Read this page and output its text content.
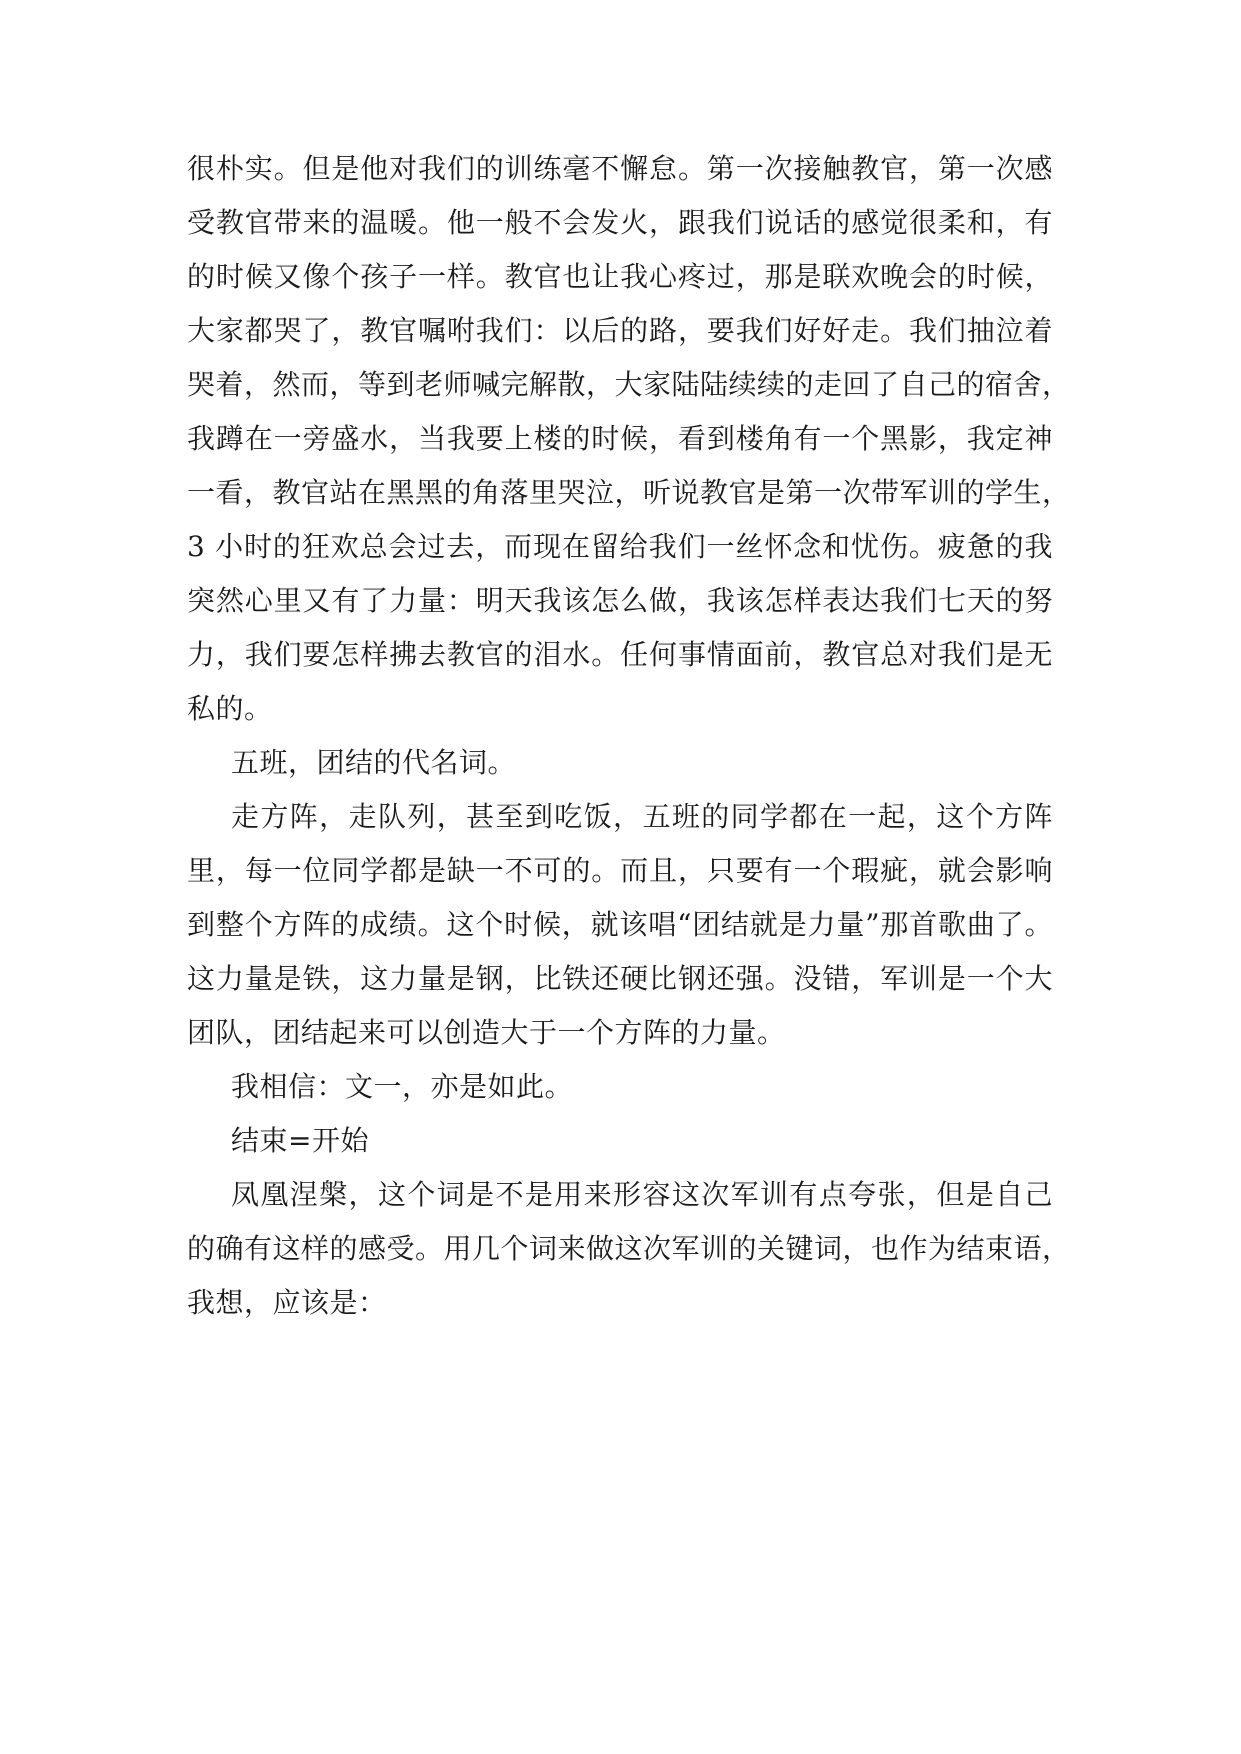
很朴实。但是他对我们的训练毫不懈怠。第一次接触教官，第一次感
受教官带来的温暖。他一般不会发火，跟我们说话的感觉很柔和，有
的时候又像个孩子一样。教官也让我心疼过，那是联欢晚会的时候，
大家都哭了，教官嘱咐我们：以后的路，要我们好好走。我们抽泣着
哭着，然而，等到老师喊完解散，大家陆陆续续的走回了自己的宿舍，
我蹲在一旁盛水，当我要上楼的时候，看到楼角有一个黑影，我定神
一看，教官站在黑黑的角落里哭泣，听说教官是第一次带军训的学生，
3 小时的狂欢总会过去，而现在留给我们一丝怀念和忧伤。疲惫的我
突然心里又有了力量：明天我该怎么做，我该怎样表达我们七天的努
力，我们要怎样拂去教官的泪水。任何事情面前，教官总对我们是无
私的。
五班，团结的代名词。
走方阵，走队列，甚至到吃饭，五班的同学都在一起，这个方阵
里，每一位同学都是缺一不可的。而且，只要有一个瑕疵，就会影响
到整个方阵的成绩。这个时候，就该唱“团结就是力量”那首歌曲了。
这力量是铁，这力量是钢，比铁还硬比钢还强。没错，军训是一个大
团队，团结起来可以创造大于一个方阵的力量。
我相信：文一，亦是如此。
结束=开始
凤凰涅槃，这个词是不是用来形容这次军训有点夸张，但是自己
的确有这样的感受。用几个词来做这次军训的关键词，也作为结束语，
我想，应该是：
